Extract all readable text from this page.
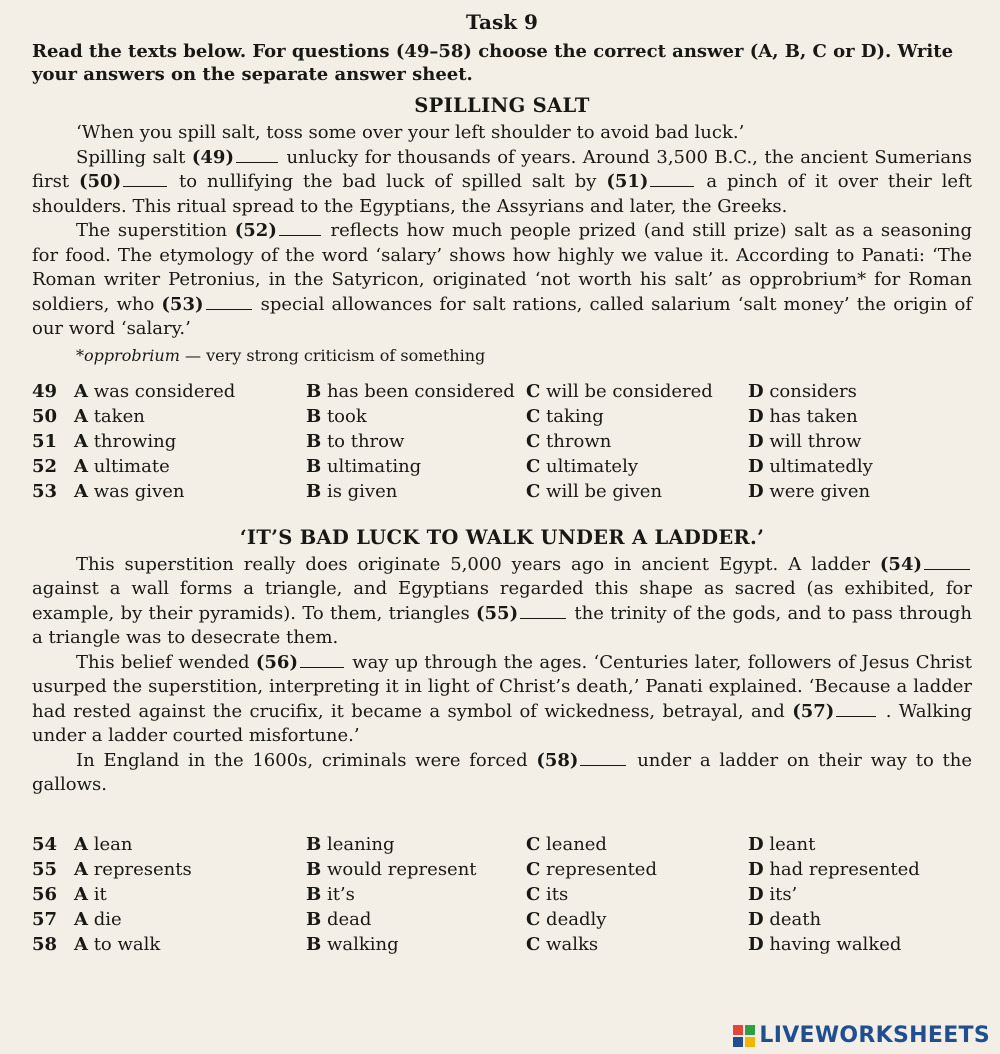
Task 9
Read the texts below. For questions (49–58) choose the correct answer (A, B, C or D). Write your answers on the separate answer sheet.
SPILLING SALT

‘When you spill salt, toss some over your left shoulder to avoid bad luck.’

Spilling salt (49)	unlucky for thousands of years. Around 3,500 B.C., the ancient Sumerians first (50)	to nullifying the bad luck of spilled salt by (51)	a pinch of it over their left shoulders. This ritual spread to the Egyptians, the Assyrians and later, the Greeks.

The superstition (52)	reflects how much people prized (and still prize) salt as a seasoning for food. The etymology of the word ‘salary’ shows how highly we value it. According to Panati: ‘The Roman writer Petronius, in the Satyricon, originated ‘not worth his salt’ as opprobrium* for Roman soldiers, who (53)	special allowances for salt rations, called salarium ‘salt money’ the origin of our word ‘salary.’

*opprobrium — very strong criticism of something
49 A was considered	B has been considered C will be considered	D considers
50 A taken	B took	C taking	D has taken
51 A throwing	B to throw	C thrown	D will throw
52 A ultimate	B ultimating	C ultimately	D ultimatedly
53 A was given	B is given	C will be given	D were given
‘IT’S BAD LUCK TO WALK UNDER A LADDER.’

This superstition really does originate 5,000 years ago in ancient Egypt. A ladder (54) against a wall forms a triangle, and Egyptians regarded this shape as sacred (as exhibited, for example, by their pyramids). To them, triangles (55)	the trinity of the gods, and to pass through a triangle was to desecrate them.

This belief wended (56)	way up through the ages. ‘Centuries later, followers of Jesus Christ usurped the superstition, interpreting it in light of Christ’s death,’ Panati explained. ‘Because a ladder had rested against the crucifix, it became a symbol of wickedness, betrayal, and (57) . Walking under a ladder courted misfortune.’

In England in the 1600s, criminals were forced (58)	under a ladder on their way to the gallows.

54 A lean	B leaning	C leaned	D leant
55 A represents	B would represent	C represented	D had represented
56 A it	B it’s	C its	D its’
57 A die	B dead	C deadly	D death
58 A to walk	B walking	C walks	D having walked
LIVEWORKSHEETS
